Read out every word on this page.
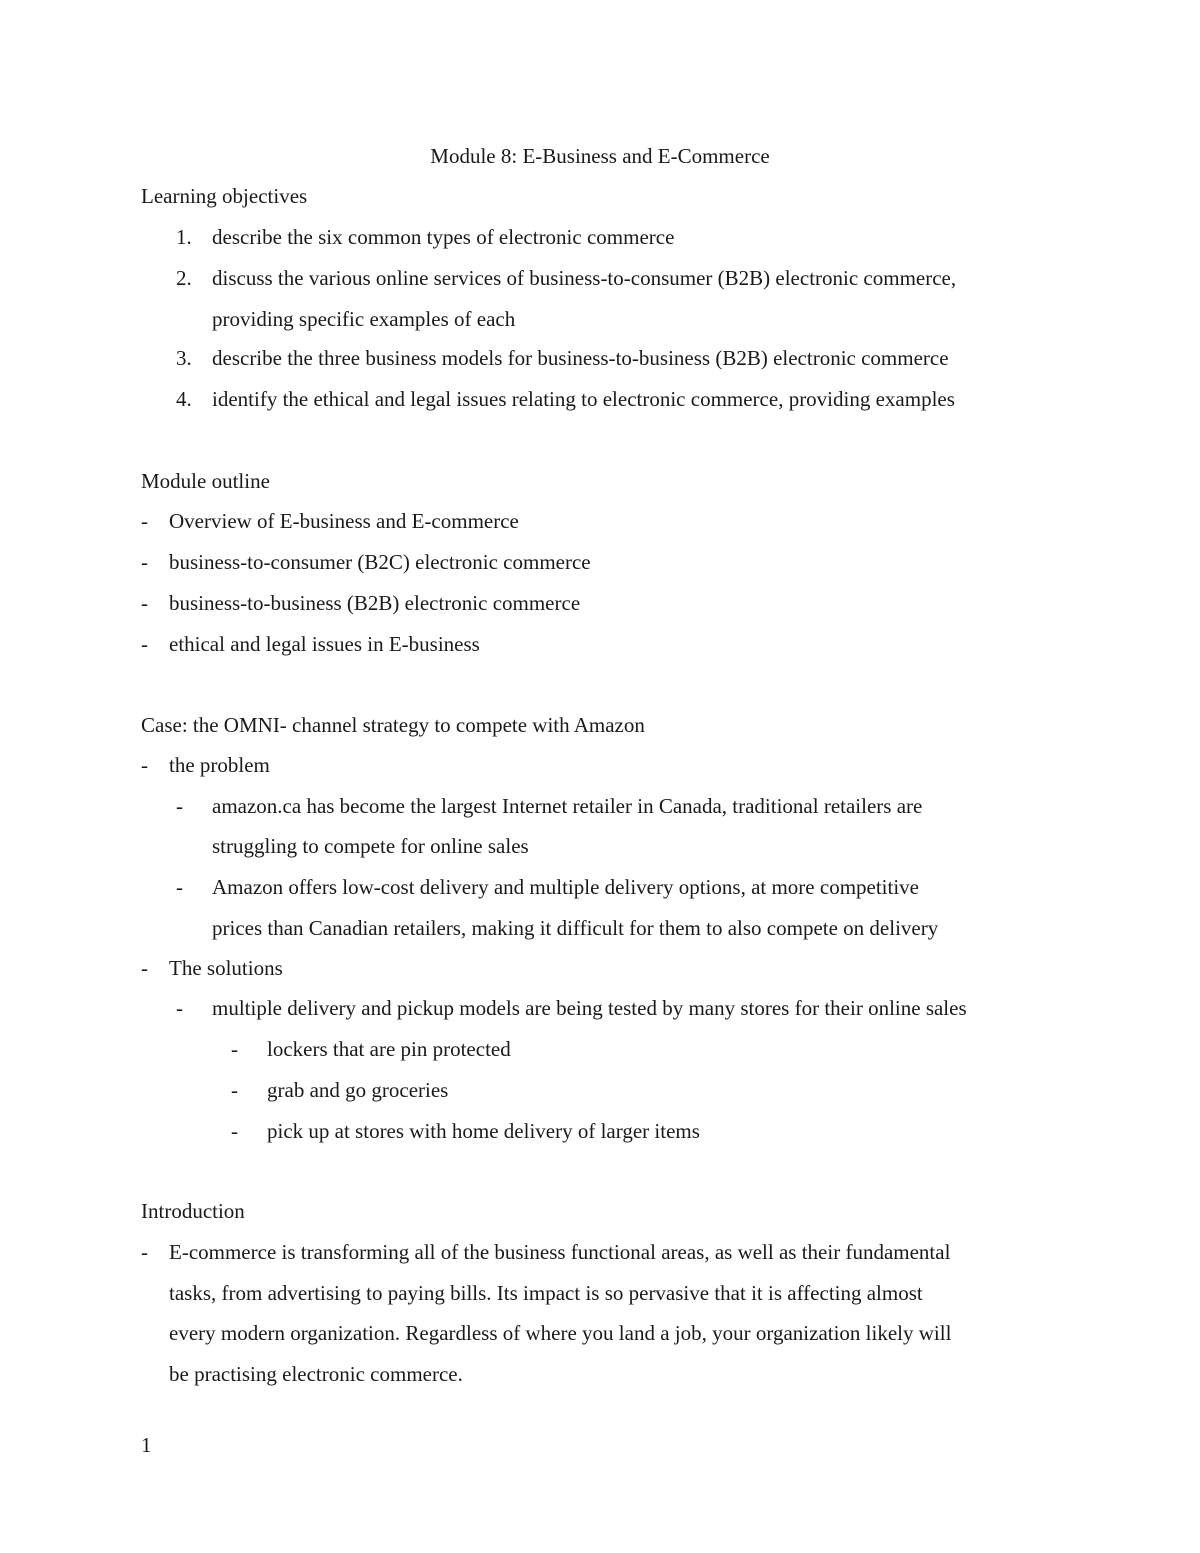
Module 8: E-Business and E-Commerce
Learning objectives
1. describe the six common types of electronic commerce
2. discuss the various online services of business-to-consumer (B2B) electronic commerce,
providing specific examples of each
3. describe the three business models for business-to-business (B2B) electronic commerce
4. identify the ethical and legal issues relating to electronic commerce, providing examples
Module outline
- Overview of E-business and E-commerce
- business-to-consumer (B2C) electronic commerce
- business-to-business (B2B) electronic commerce
- ethical and legal issues in E-business
Case: the OMNI- channel strategy to compete with Amazon
- the problem
- amazon.ca has become the largest Internet retailer in Canada, traditional retailers are
struggling to compete for online sales
- Amazon offers low-cost delivery and multiple delivery options, at more competitive
prices than Canadian retailers, making it difficult for them to also compete on delivery
- The solutions
- multiple delivery and pickup models are being tested by many stores for their online sales
- lockers that are pin protected
- grab and go groceries
- pick up at stores with home delivery of larger items
Introduction
- E-commerce is transforming all of the business functional areas, as well as their fundamental
tasks, from advertising to paying bills. Its impact is so pervasive that it is affecting almost
every modern organization. Regardless of where you land a job, your organization likely will
be practising electronic commerce.
1
